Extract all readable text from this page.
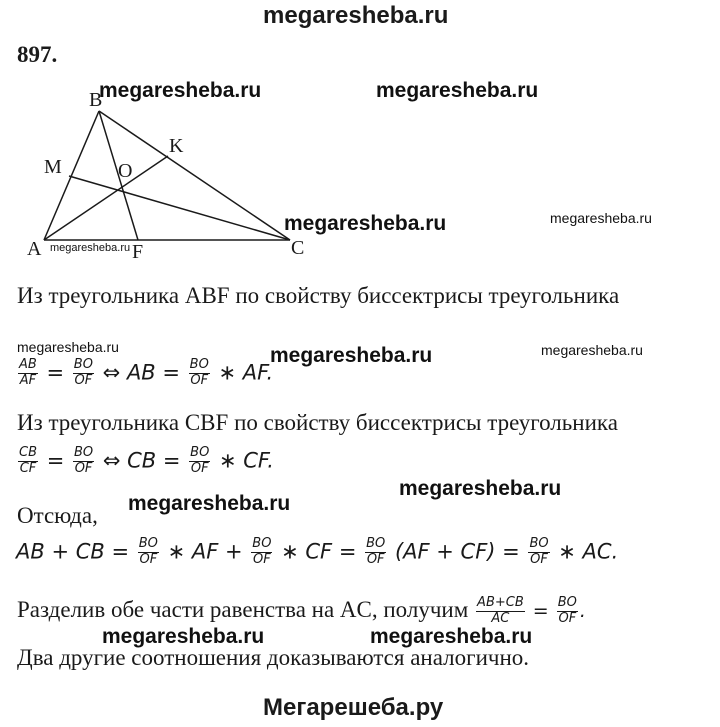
megaresheba.ru
897.
B
M
K
O
A	F	C
megaresheba.ru	megaresheba.ru
megaresheba.ru	megaresheba.ru
megaresheba.ru
megaresheba.ru	megaresheba.ru	megaresheba.ru
megaresheba.ru
megaresheba.ru
megaresheba.ru	megaresheba.ru
Из треугольника ABF по свойству биссектрисы треугольника
$\frac{AB}{AF} = \frac{BO}{OF}$ ⇔ AB = $\frac{BO}{OF}$ ∗ AF.
Из треугольника CBF по свойству биссектрисы треугольника
$\frac{CB}{CF} = \frac{BO}{OF}$ ⇔ CB = $\frac{BO}{OF}$ ∗ CF.
Отсюда,
AB + CB = $\frac{BO}{OF}$ ∗ AF + $\frac{BO}{OF}$ ∗ CF = $\frac{BO}{OF} (AF + CF) = \frac{BO}{OF}$ ∗ AC.
Разделив обе части равенства на AC, получим $\frac{AB+CB}{AC} = \frac{BO}{OF}$ .
Два другие соотношения доказываются аналогично.
Мегарешеба.ру
